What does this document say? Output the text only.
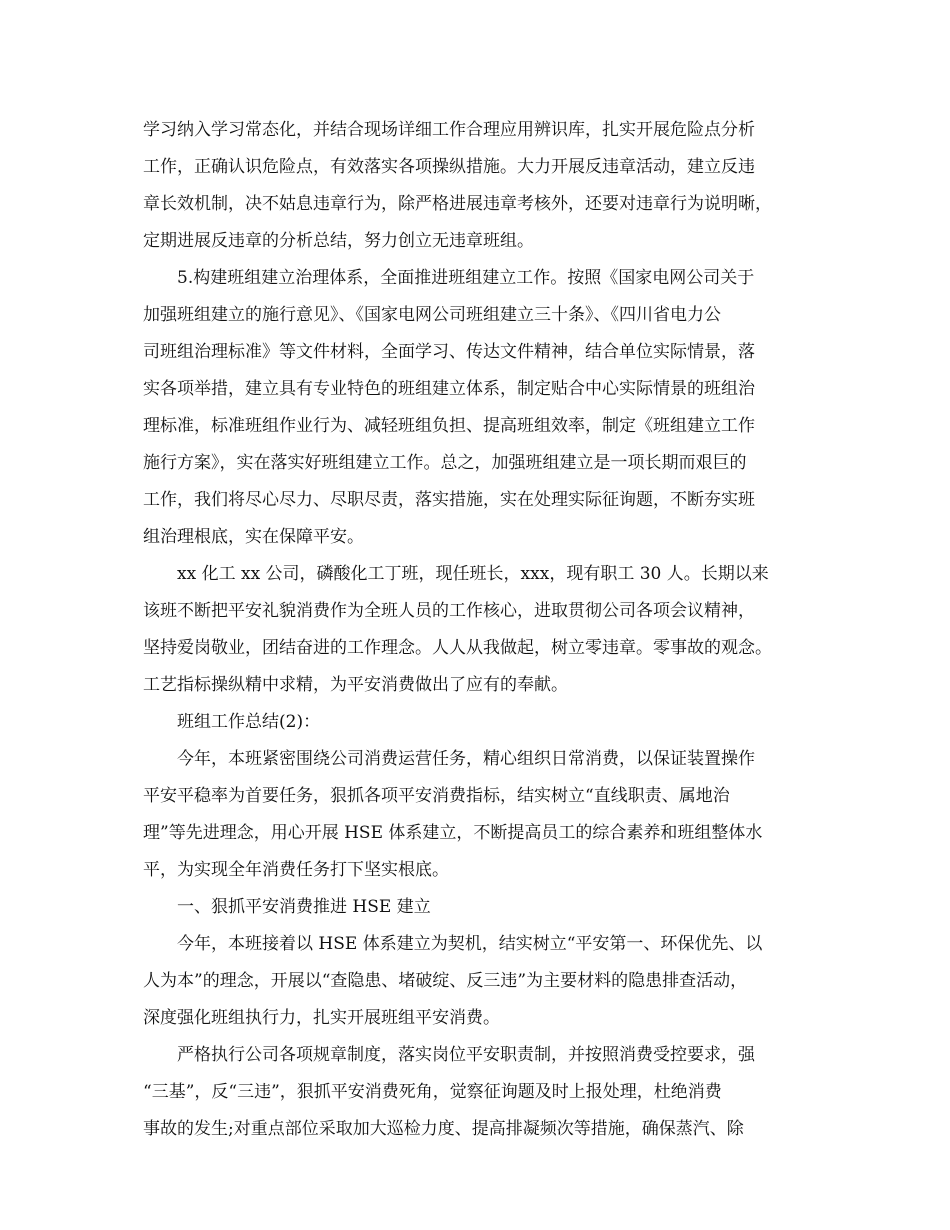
学习纳入学习常态化，并结合现场详细工作合理应用辨识库，扎实开展危险点分析
工作，正确认识危险点，有效落实各项操纵措施。大力开展反违章活动，建立反违
章长效机制，决不姑息违章行为，除严格进展违章考核外，还要对违章行为说明晰，
定期进展反违章的分析总结，努力创立无违章班组。
5.构建班组建立治理体系，全面推进班组建立工作。按照《国家电网公司关于
加强班组建立的施行意见》、《国家电网公司班组建立三十条》、《四川省电力公
司班组治理标准》等文件材料，全面学习、传达文件精神，结合单位实际情景，落
实各项举措，建立具有专业特色的班组建立体系，制定贴合中心实际情景的班组治
理标准，标准班组作业行为、减轻班组负担、提高班组效率，制定《班组建立工作
施行方案》，实在落实好班组建立工作。总之，加强班组建立是一项长期而艰巨的
工作，我们将尽心尽力、尽职尽责，落实措施，实在处理实际征询题，不断夯实班
组治理根底，实在保障平安。
xx 化工 xx 公司，磷酸化工丁班，现任班长，xxx，现有职工 30 人。长期以来
该班不断把平安礼貌消费作为全班人员的工作核心，进取贯彻公司各项会议精神，
坚持爱岗敬业，团结奋进的工作理念。人人从我做起，树立零违章。零事故的观念。
工艺指标操纵精中求精，为平安消费做出了应有的奉献。
班组工作总结(2)：
今年，本班紧密围绕公司消费运营任务，精心组织日常消费，以保证装置操作
平安平稳率为首要任务，狠抓各项平安消费指标，结实树立“直线职责、属地治
理”等先进理念，用心开展 HSE 体系建立，不断提高员工的综合素养和班组整体水
平，为实现全年消费任务打下坚实根底。
一、狠抓平安消费推进 HSE 建立
今年，本班接着以 HSE 体系建立为契机，结实树立“平安第一、环保优先、以
人为本”的理念，开展以“查隐患、堵破绽、反三违”为主要材料的隐患排查活动，
深度强化班组执行力，扎实开展班组平安消费。
严格执行公司各项规章制度，落实岗位平安职责制，并按照消费受控要求，强
“三基”，反“三违”，狠抓平安消费死角，觉察征询题及时上报处理，杜绝消费
事故的发生;对重点部位采取加大巡检力度、提高排凝频次等措施，确保蒸汽、除
